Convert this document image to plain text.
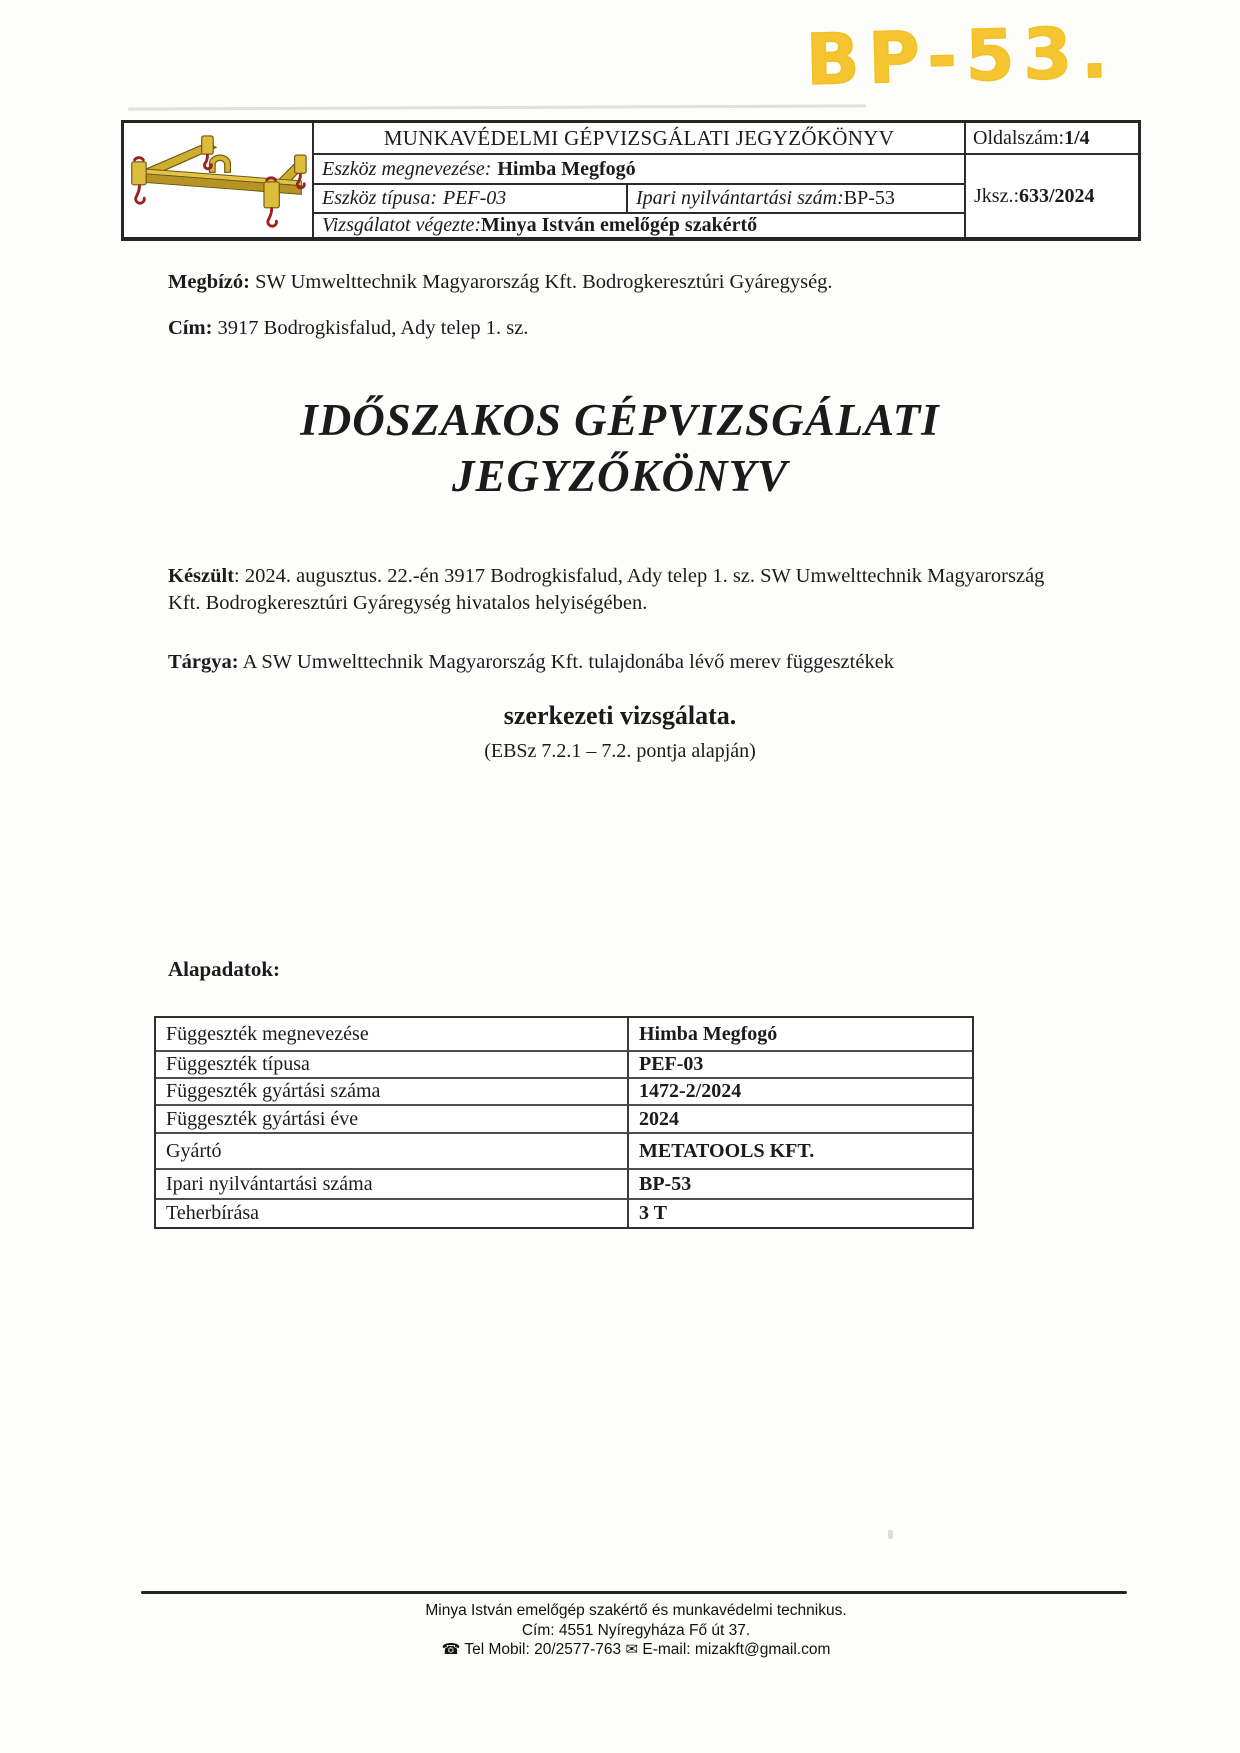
BP-53.
MUNKAVÉDELMI GÉPVIZSGÁLATI JEGYZŐKÖNYV	Oldalszám: 1/4
Eszköz megnevezése: Himba Megfogó
Jksz.: 633/2024
Eszköz típusa: PEF-03	Ipari nyilvántartási szám: BP-53
Vizsgálatot végezte: Minya István emelőgép szakértő
Megbízó: SW Umwelttechnik Magyarország Kft. Bodrogkeresztúri Gyáregység.
Cím: 3917 Bodrogkisfalud, Ady telep 1. sz.
IDŐSZAKOS GÉPVIZSGÁLATI
JEGYZŐKÖNYV
Készült: 2024. augusztus. 22.-én 3917 Bodrogkisfalud, Ady telep 1. sz. SW Umwelttechnik Magyarország Kft. Bodrogkeresztúri Gyáregység hivatalos helyiségében.
Tárgya: A SW Umwelttechnik Magyarország Kft. tulajdonába lévő merev függesztékek
szerkezeti vizsgálata.
(EBSz 7.2.1 – 7.2. pontja alapján)
Alapadatok:
Függeszték megnevezése	Himba Megfogó
Függeszték típusa	PEF-03
Függeszték gyártási száma	1472-2/2024
Függeszték gyártási éve	2024
Gyártó	METATOOLS KFT.
Ipari nyilvántartási száma	BP-53
Teherbírása	3 T
Minya István emelőgép szakértő és munkavédelmi technikus.
Cím: 4551 Nyíregyháza Fő út 37.
☎ Tel Mobil: 20/2577-763 ✉ E-mail: mizakft@gmail.com
